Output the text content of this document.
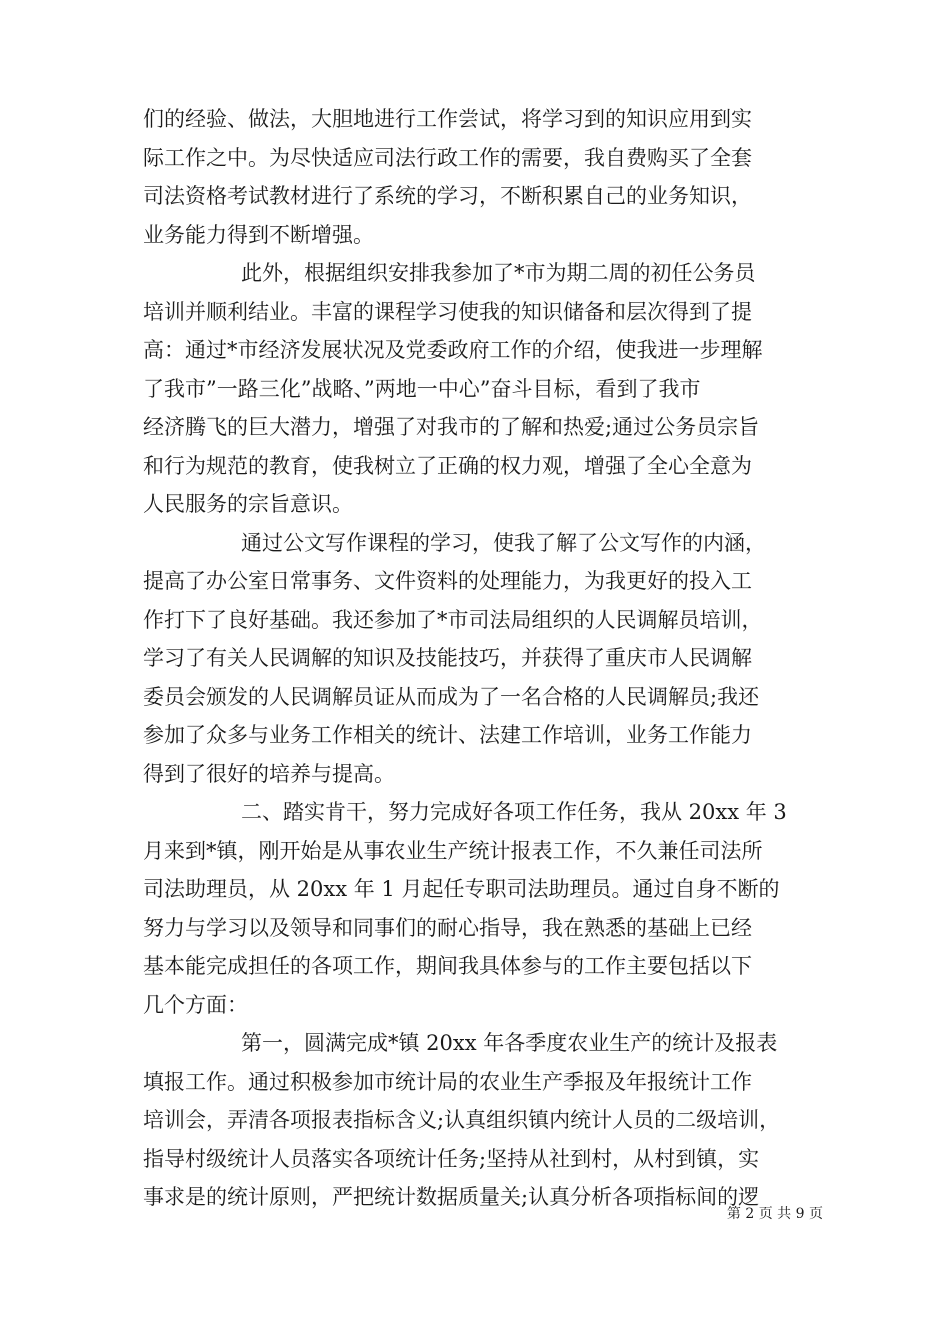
们的经验、做法，大胆地进行工作尝试，将学习到的知识应用到实
际工作之中。为尽快适应司法行政工作的需要，我自费购买了全套
司法资格考试教材进行了系统的学习，不断积累自己的业务知识，
业务能力得到不断增强。
此外，根据组织安排我参加了*市为期二周的初任公务员
培训并顺利结业。丰富的课程学习使我的知识储备和层次得到了提
高：通过*市经济发展状况及党委政府工作的介绍，使我进一步理解
了我市”一路三化”战略、”两地一中心”奋斗目标，看到了我市
经济腾飞的巨大潜力，增强了对我市的了解和热爱;通过公务员宗旨
和行为规范的教育，使我树立了正确的权力观，增强了全心全意为
人民服务的宗旨意识。
通过公文写作课程的学习，使我了解了公文写作的内涵，
提高了办公室日常事务、文件资料的处理能力，为我更好的投入工
作打下了良好基础。我还参加了*市司法局组织的人民调解员培训，
学习了有关人民调解的知识及技能技巧，并获得了重庆市人民调解
委员会颁发的人民调解员证从而成为了一名合格的人民调解员;我还
参加了众多与业务工作相关的统计、法建工作培训，业务工作能力
得到了很好的培养与提高。
二、踏实肯干，努力完成好各项工作任务，我从 20xx 年 3
月来到*镇，刚开始是从事农业生产统计报表工作，不久兼任司法所
司法助理员，从 20xx 年 1 月起任专职司法助理员。通过自身不断的
努力与学习以及领导和同事们的耐心指导，我在熟悉的基础上已经
基本能完成担任的各项工作，期间我具体参与的工作主要包括以下
几个方面：
第一，圆满完成*镇 20xx 年各季度农业生产的统计及报表
填报工作。通过积极参加市统计局的农业生产季报及年报统计工作
培训会，弄清各项报表指标含义;认真组织镇内统计人员的二级培训，
指导村级统计人员落实各项统计任务;坚持从社到村，从村到镇，实
事求是的统计原则，严把统计数据质量关;认真分析各项指标间的逻
第 2 页 共 9 页
